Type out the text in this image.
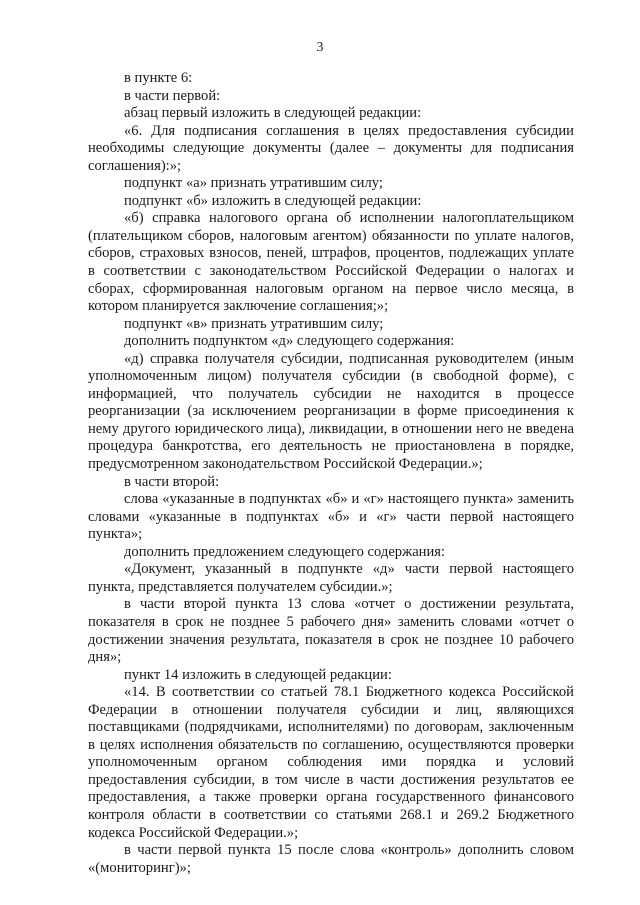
3

в пункте 6:

в части первой:

абзац первый изложить в следующей редакции:

«6. Для подписания соглашения в целях предоставления субсидии необходимы следующие документы (далее – документы для подписания соглашения):»;

подпункт «а» признать утратившим силу;

подпункт «б» изложить в следующей редакции:

«б) справка налогового органа об исполнении налогоплательщиком (плательщиком сборов, налоговым агентом) обязанности по уплате налогов, сборов, страховых взносов, пеней, штрафов, процентов, подлежащих уплате в соответствии с законодательством Российской Федерации о налогах и сборах, сформированная налоговым органом на первое число месяца, в котором планируется заключение соглашения;»;

подпункт «в» признать утратившим силу;

дополнить подпунктом «д» следующего содержания:

«д) справка получателя субсидии, подписанная руководителем (иным уполномоченным лицом) получателя субсидии (в свободной форме), с информацией, что получатель субсидии не находится в процессе реорганизации (за исключением реорганизации в форме присоединения к нему другого юридического лица), ликвидации, в отношении него не введена процедура банкротства, его деятельность не приостановлена в порядке, предусмотренном законодательством Российской Федерации.»;

в части второй:

слова «указанные в подпунктах «б» и «г» настоящего пункта» заменить словами «указанные в подпунктах «б» и «г» части первой настоящего пункта»;

дополнить предложением следующего содержания:

«Документ, указанный в подпункте «д» части первой настоящего пункта, представляется получателем субсидии.»;

в части второй пункта 13 слова «отчет о достижении результата, показателя в срок не позднее 5 рабочего дня» заменить словами «отчет о достижении значения результата, показателя в срок не позднее 10 рабочего дня»;

пункт 14 изложить в следующей редакции:

«14. В соответствии со статьей 78.1 Бюджетного кодекса Российской Федерации в отношении получателя субсидии и лиц, являющихся поставщиками (подрядчиками, исполнителями) по договорам, заключенным в целях исполнения обязательств по соглашению, осуществляются проверки уполномоченным органом соблюдения ими порядка и условий предоставления субсидии, в том числе в части достижения результатов ее предоставления, а также проверки органа государственного финансового контроля области в соответствии со статьями 268.1 и 269.2 Бюджетного кодекса Российской Федерации.»;

в части первой пункта 15 после слова «контроль» дополнить словом «(мониторинг)»;
